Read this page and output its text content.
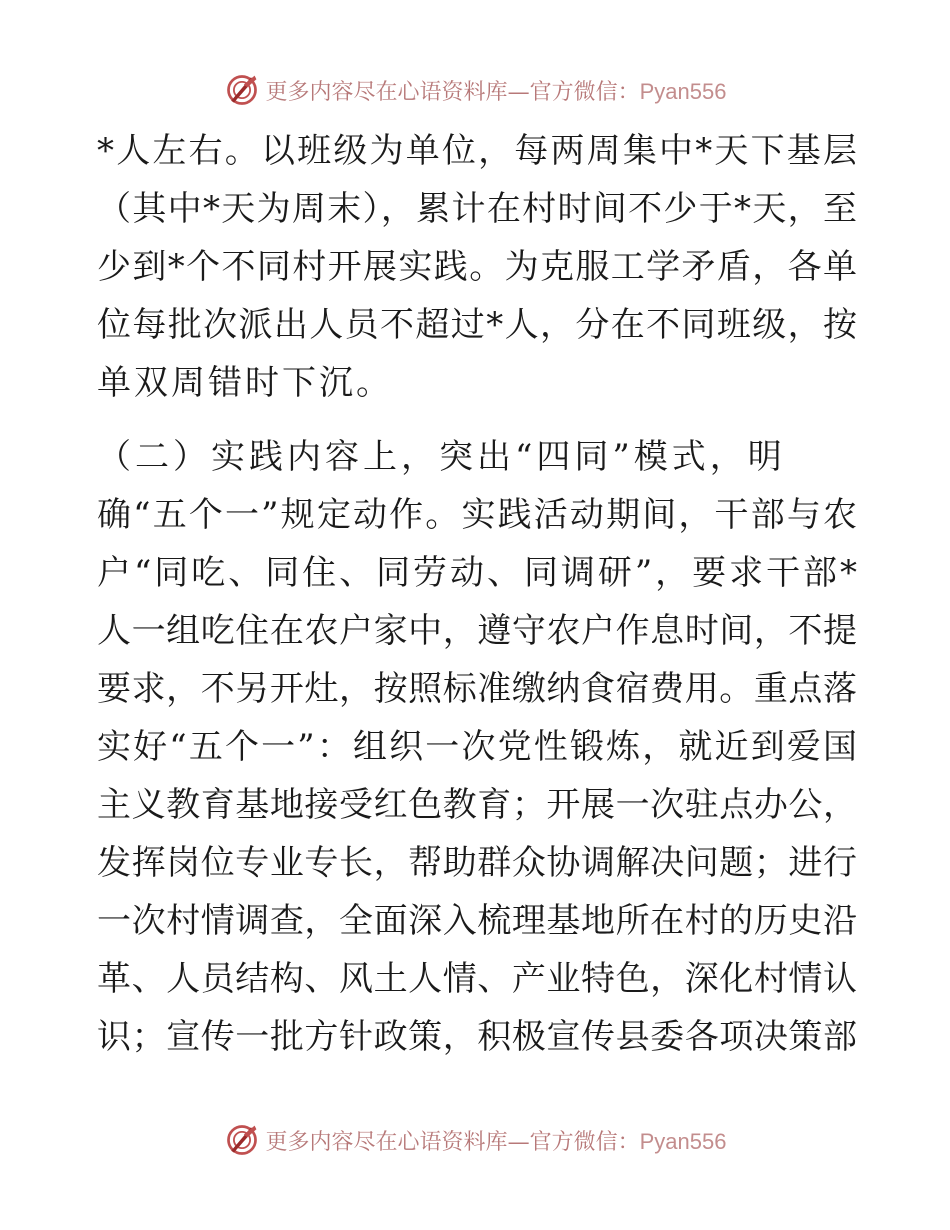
更多内容尽在心语资料库—官方微信：Pyan556
*人左右。以班级为单位，每两周集中*天下基层
（其中*天为周末），累计在村时间不少于*天，至
少到*个不同村开展实践。为克服工学矛盾，各单
位每批次派出人员不超过*人，分在不同班级，按
单双周错时下沉。
（二）实践内容上，突出“四同”模式，明
确“五个一”规定动作。实践活动期间，干部与农
户“同吃、同住、同劳动、同调研”，要求干部*
人一组吃住在农户家中，遵守农户作息时间，不提
要求，不另开灶，按照标准缴纳食宿费用。重点落
实好“五个一”：组织一次党性锻炼，就近到爱国
主义教育基地接受红色教育；开展一次驻点办公，
发挥岗位专业专长，帮助群众协调解决问题；进行
一次村情调查，全面深入梳理基地所在村的历史沿
革、人员结构、风土人情、产业特色，深化村情认
识；宣传一批方针政策，积极宣传县委各项决策部
更多内容尽在心语资料库—官方微信：Pyan556
